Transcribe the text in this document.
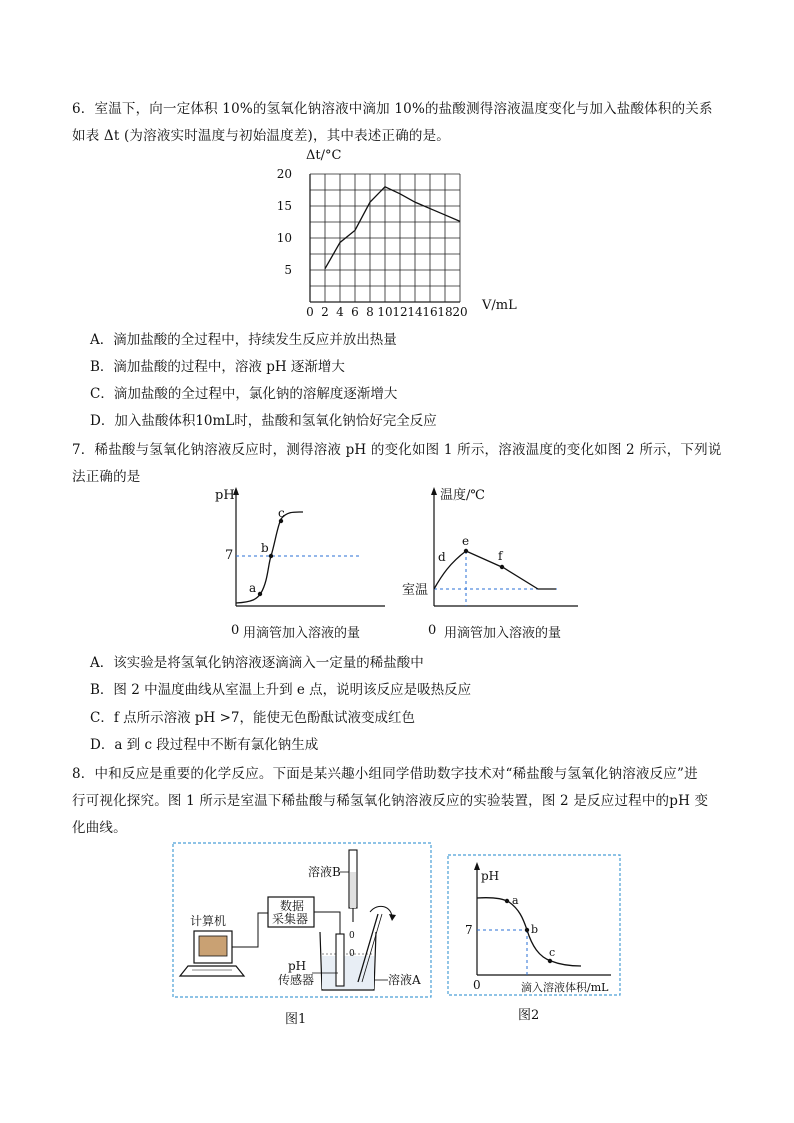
6．室温下，向一定体积 10%的氢氧化钠溶液中滴加 10%的盐酸测得溶液温度变化与加入盐酸体积的关系
如表 Δt (为溶液实时温度与初始温度差)，其中表述正确的是。
Δt/°C
V/mL
0 2 4 6 8 10 12 14 16 18 20
5
10
15
20
A．滴加盐酸的全过程中，持续发生反应并放出热量
B．滴加盐酸的过程中，溶液 pH 逐渐增大
C．滴加盐酸的全过程中，氯化钠的溶解度逐渐增大
D．加入盐酸体积10mL时，盐酸和氢氧化钠恰好完全反应
7．稀盐酸与氢氧化钠溶液反应时，测得溶液 pH 的变化如图 1 所示，溶液温度的变化如图 2 所示，下列说
法正确的是
pH
7
0 用滴管加入溶液的量
a
b
c
温度/℃
室温
0 用滴管加入溶液的量
d
e
f
A．该实验是将氢氧化钠溶液逐滴滴入一定量的稀盐酸中
B．图 2 中温度曲线从室温上升到 e 点，说明该反应是吸热反应
C．f 点所示溶液 pH >7，能使无色酚酞试液变成红色
D．a 到 c 段过程中不断有氯化钠生成
8．中和反应是重要的化学反应。下面是某兴趣小组同学借助数字技术对“稀盐酸与氢氧化钠溶液反应”进
行可视化探究。图 1 所示是室温下稀盐酸与稀氢氧化钠溶液反应的实验装置，图 2 是反应过程中的pH 变
化曲线。
计算机
数据
采集器
溶液B
0
0
pH
传感器	溶液A
图1
pH
7
0	滴入溶液体积/mL
a
b
c
图2
